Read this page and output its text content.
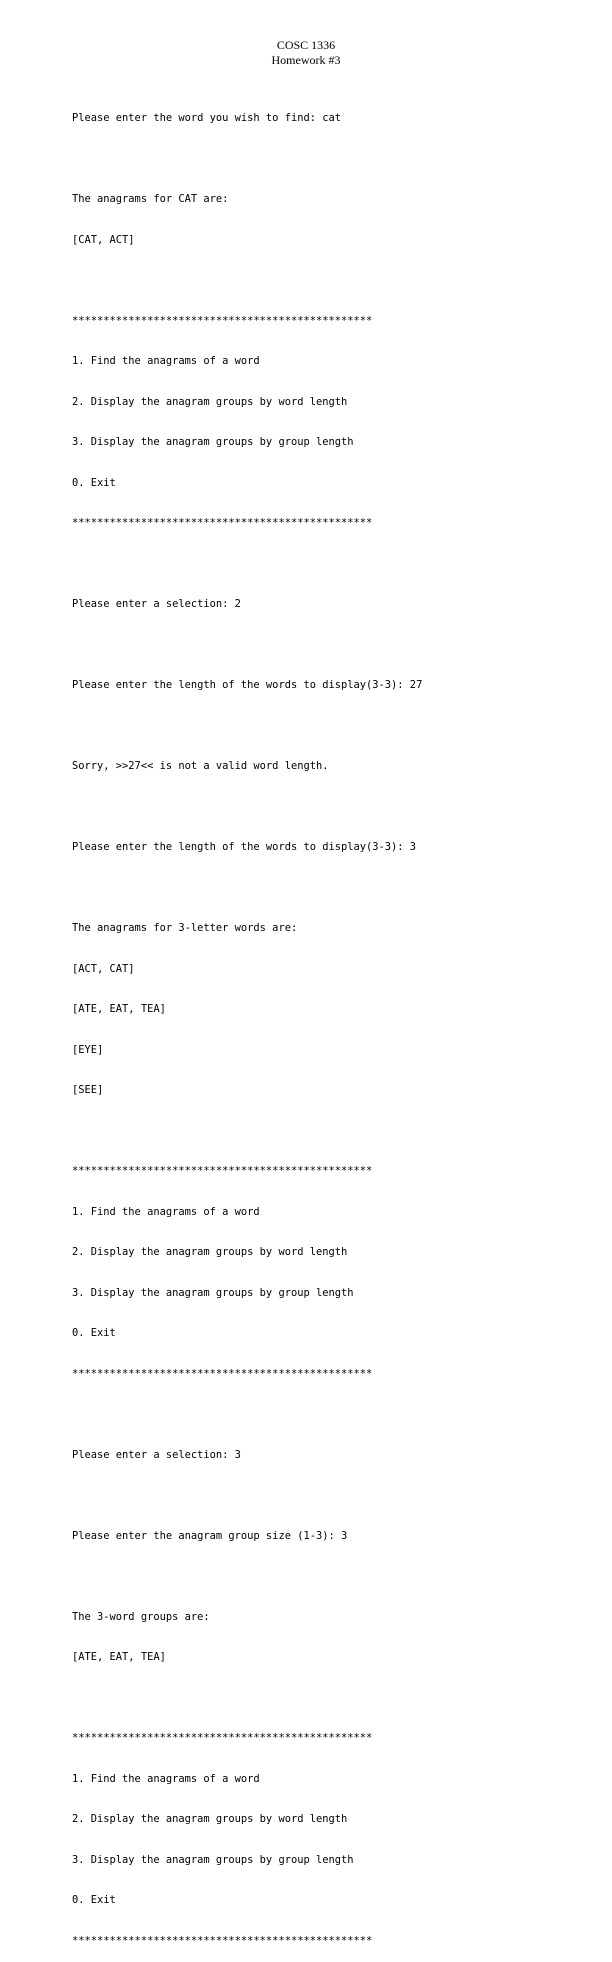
COSC 1336
Homework #3

Please enter the word you wish to find: cat

The anagrams for CAT are:

[CAT, ACT]

************************************************

1. Find the anagrams of a word

2. Display the anagram groups by word length

3. Display the anagram groups by group length

0. Exit

************************************************

Please enter a selection: 2

Please enter the length of the words to display(3-3): 27

Sorry, >>27<< is not a valid word length.

Please enter the length of the words to display(3-3): 3

The anagrams for 3-letter words are:

[ACT, CAT]

[ATE, EAT, TEA]

[EYE]

[SEE]

************************************************

1. Find the anagrams of a word

2. Display the anagram groups by word length

3. Display the anagram groups by group length

0. Exit

************************************************

Please enter a selection: 3

Please enter the anagram group size (1-3): 3

The 3-word groups are:

[ATE, EAT, TEA]

************************************************

1. Find the anagrams of a word

2. Display the anagram groups by word length

3. Display the anagram groups by group length

0. Exit

************************************************
